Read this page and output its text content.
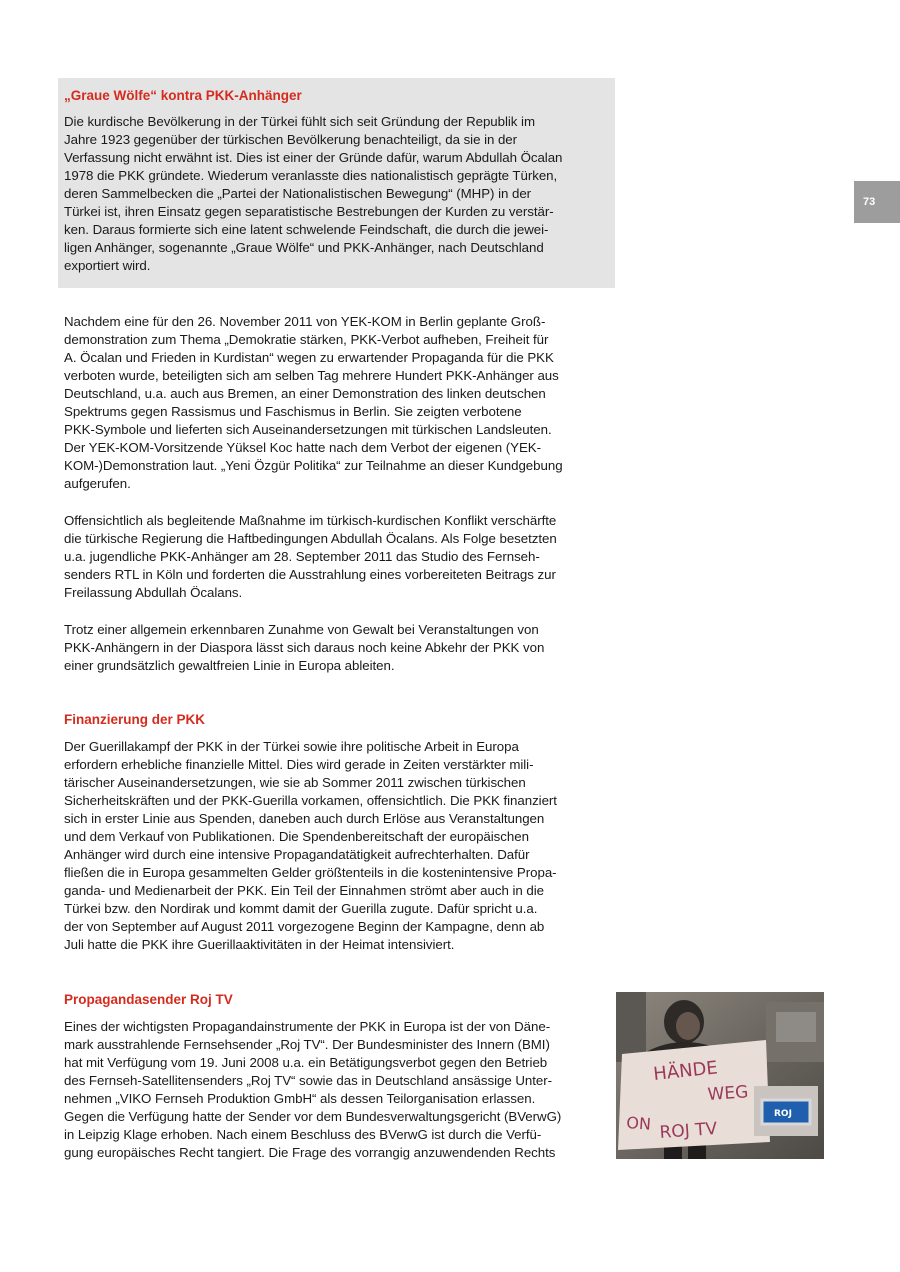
„Graue Wölfe“ kontra PKK-Anhänger

Die kurdische Bevölkerung in der Türkei fühlt sich seit Gründung der Republik im
Jahre 1923 gegenüber der türkischen Bevölkerung benachteiligt, da sie in der
Verfassung nicht erwähnt ist. Dies ist einer der Gründe dafür, warum Abdullah Öcalan
1978 die PKK gründete. Wiederum veranlasste dies nationalistisch geprägte Türken,
deren Sammelbecken die „Partei der Nationalistischen Bewegung“ (MHP) in der
Türkei ist, ihren Einsatz gegen separatistische Bestrebungen der Kurden zu verstär-
ken. Daraus formierte sich eine latent schwelende Feindschaft, die durch die jewei-
ligen Anhänger, sogenannte „Graue Wölfe“ und PKK-Anhänger, nach Deutschland
exportiert wird.

73

Nachdem eine für den 26. November 2011 von YEK-KOM in Berlin geplante Groß-
demonstration zum Thema „Demokratie stärken, PKK-Verbot aufheben, Freiheit für
A. Öcalan und Frieden in Kurdistan“ wegen zu erwartender Propaganda für die PKK
verboten wurde, beteiligten sich am selben Tag mehrere Hundert PKK-Anhänger aus
Deutschland, u.a. auch aus Bremen, an einer Demonstration des linken deutschen
Spektrums gegen Rassismus und Faschismus in Berlin. Sie zeigten verbotene
PKK-Symbole und lieferten sich Auseinandersetzungen mit türkischen Landsleuten.
Der YEK-KOM-Vorsitzende Yüksel Koc hatte nach dem Verbot der eigenen (YEK-
KOM-)Demonstration laut. „Yeni Özgür Politika“ zur Teilnahme an dieser Kundgebung
aufgerufen.

Offensichtlich als begleitende Maßnahme im türkisch-kurdischen Konflikt verschärfte
die türkische Regierung die Haftbedingungen Abdullah Öcalans. Als Folge besetzten
u.a. jugendliche PKK-Anhänger am 28. September 2011 das Studio des Fernseh-
senders RTL in Köln und forderten die Ausstrahlung eines vorbereiteten Beitrags zur
Freilassung Abdullah Öcalans.

Trotz einer allgemein erkennbaren Zunahme von Gewalt bei Veranstaltungen von
PKK-Anhängern in der Diaspora lässt sich daraus noch keine Abkehr der PKK von
einer grundsätzlich gewaltfreien Linie in Europa ableiten.

Finanzierung der PKK

Der Guerillakampf der PKK in der Türkei sowie ihre politische Arbeit in Europa
erfordern erhebliche finanzielle Mittel. Dies wird gerade in Zeiten verstärkter mili-
tärischer Auseinandersetzungen, wie sie ab Sommer 2011 zwischen türkischen
Sicherheitskräften und der PKK-Guerilla vorkamen, offensichtlich. Die PKK finanziert
sich in erster Linie aus Spenden, daneben auch durch Erlöse aus Veranstaltungen
und dem Verkauf von Publikationen. Die Spendenbereitschaft der europäischen
Anhänger wird durch eine intensive Propagandatätigkeit aufrechterhalten. Dafür
fließen die in Europa gesammelten Gelder größtenteils in die kostenintensive Propa-
ganda- und Medienarbeit der PKK. Ein Teil der Einnahmen strömt aber auch in die
Türkei bzw. den Nordirak und kommt damit der Guerilla zugute. Dafür spricht u.a.
der von September auf August 2011 vorgezogene Beginn der Kampagne, denn ab
Juli hatte die PKK ihre Guerillaaktivitäten in der Heimat intensiviert.

Propagandasender Roj TV

Eines der wichtigsten Propagandainstrumente der PKK in Europa ist der von Däne-
mark ausstrahlende Fernsehsender „Roj TV“. Der Bundesminister des Innern (BMI)
hat mit Verfügung vom 19. Juni 2008 u.a. ein Betätigungsverbot gegen den Betrieb
des Fernseh-Satellitensenders „Roj TV“ sowie das in Deutschland ansässige Unter-
nehmen „VIKO Fernseh Produktion GmbH“ als dessen Teilorganisation erlassen.
Gegen die Verfügung hatte der Sender vor dem Bundesverwaltungsgericht (BVerwG)
in Leipzig Klage erhoben. Nach einem Beschluss des BVerwG ist durch die Verfü-
gung europäisches Recht tangiert. Die Frage des vorrangig anzuwendenden Rechts

HÄNDE
WEG
ON ROJ TV
ROJ
